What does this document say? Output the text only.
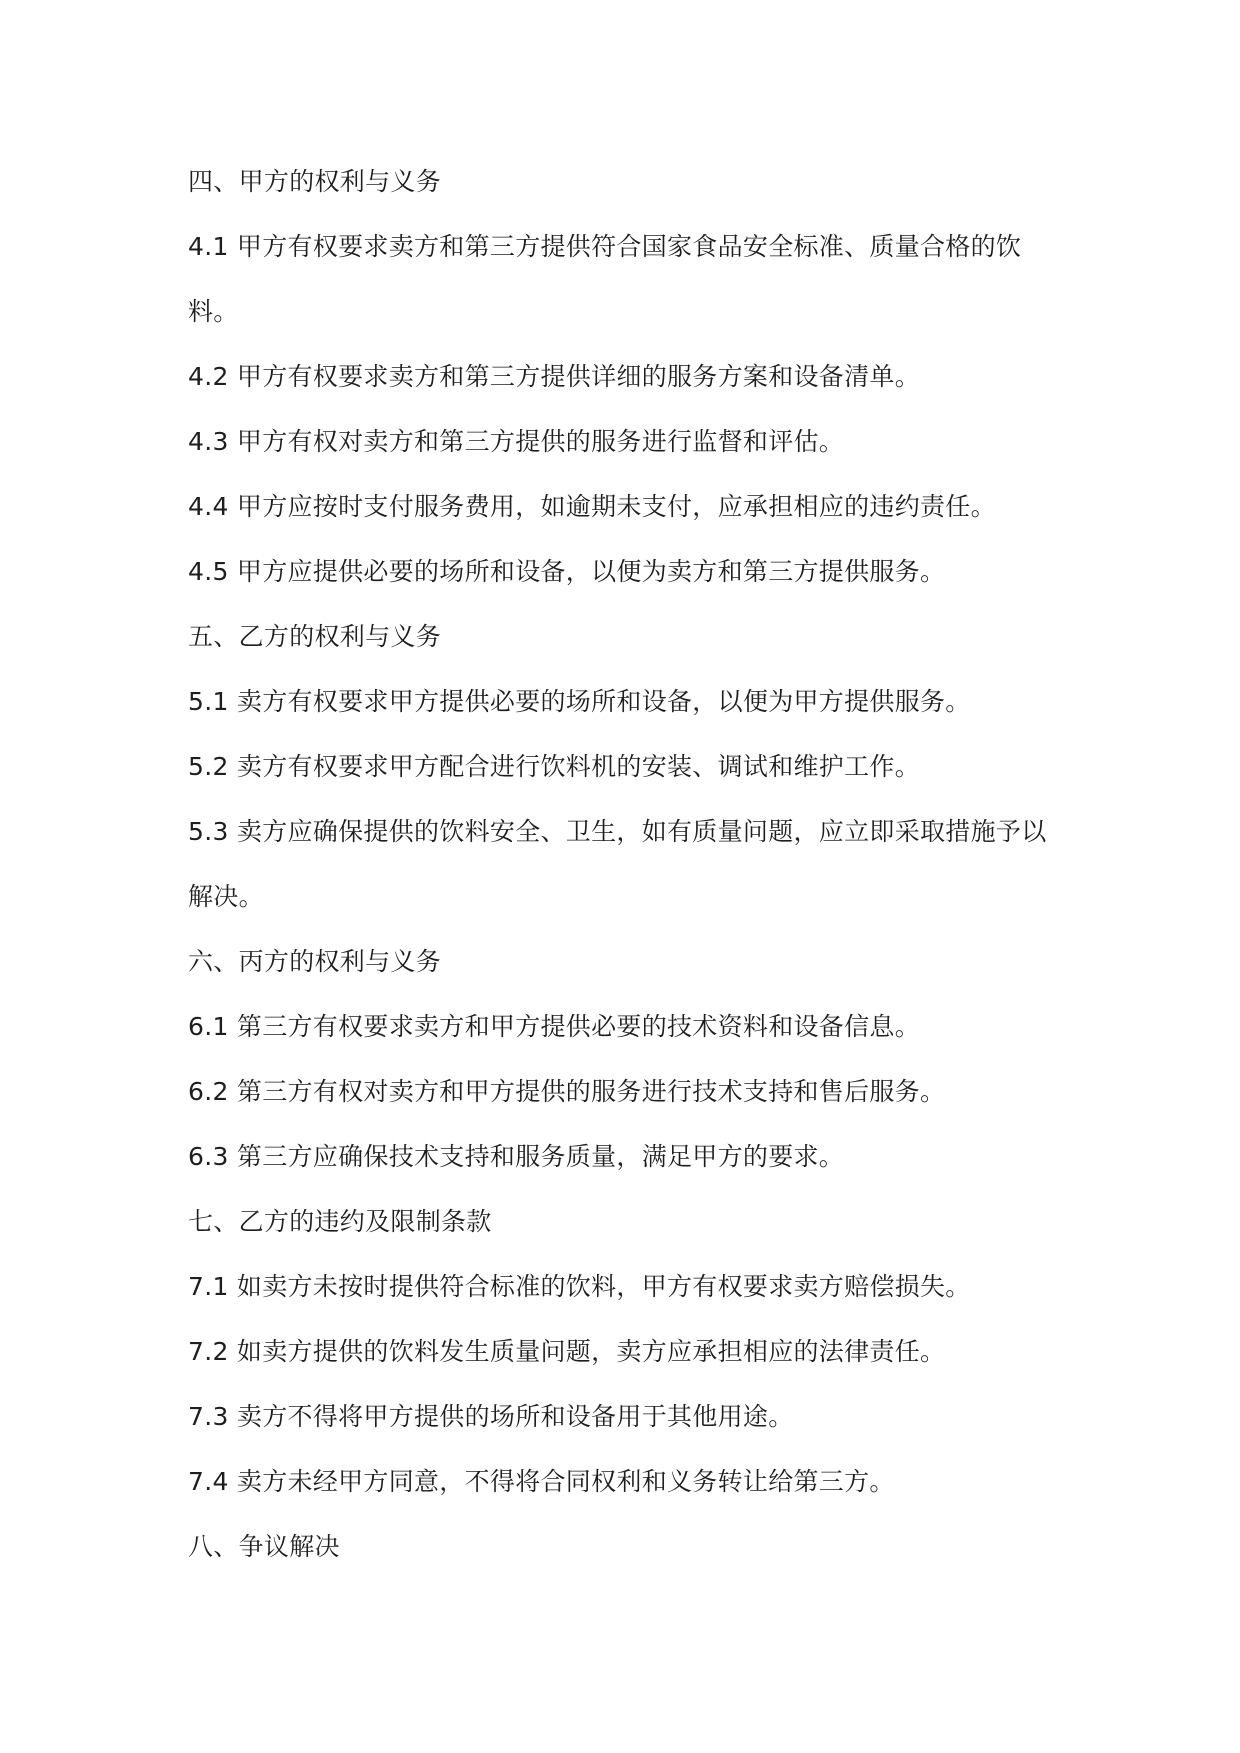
四、甲方的权利与义务

4.1 甲方有权要求卖方和第三方提供符合国家食品安全标准、质量合格的饮

料。

4.2 甲方有权要求卖方和第三方提供详细的服务方案和设备清单。

4.3 甲方有权对卖方和第三方提供的服务进行监督和评估。

4.4 甲方应按时支付服务费用，如逾期未支付，应承担相应的违约责任。

4.5 甲方应提供必要的场所和设备，以便为卖方和第三方提供服务。

五、乙方的权利与义务

5.1 卖方有权要求甲方提供必要的场所和设备，以便为甲方提供服务。

5.2 卖方有权要求甲方配合进行饮料机的安装、调试和维护工作。

5.3 卖方应确保提供的饮料安全、卫生，如有质量问题，应立即采取措施予以

解决。

六、丙方的权利与义务

6.1 第三方有权要求卖方和甲方提供必要的技术资料和设备信息。

6.2 第三方有权对卖方和甲方提供的服务进行技术支持和售后服务。

6.3 第三方应确保技术支持和服务质量，满足甲方的要求。

七、乙方的违约及限制条款

7.1 如卖方未按时提供符合标准的饮料，甲方有权要求卖方赔偿损失。

7.2 如卖方提供的饮料发生质量问题，卖方应承担相应的法律责任。

7.3 卖方不得将甲方提供的场所和设备用于其他用途。

7.4 卖方未经甲方同意，不得将合同权利和义务转让给第三方。

八、争议解决
